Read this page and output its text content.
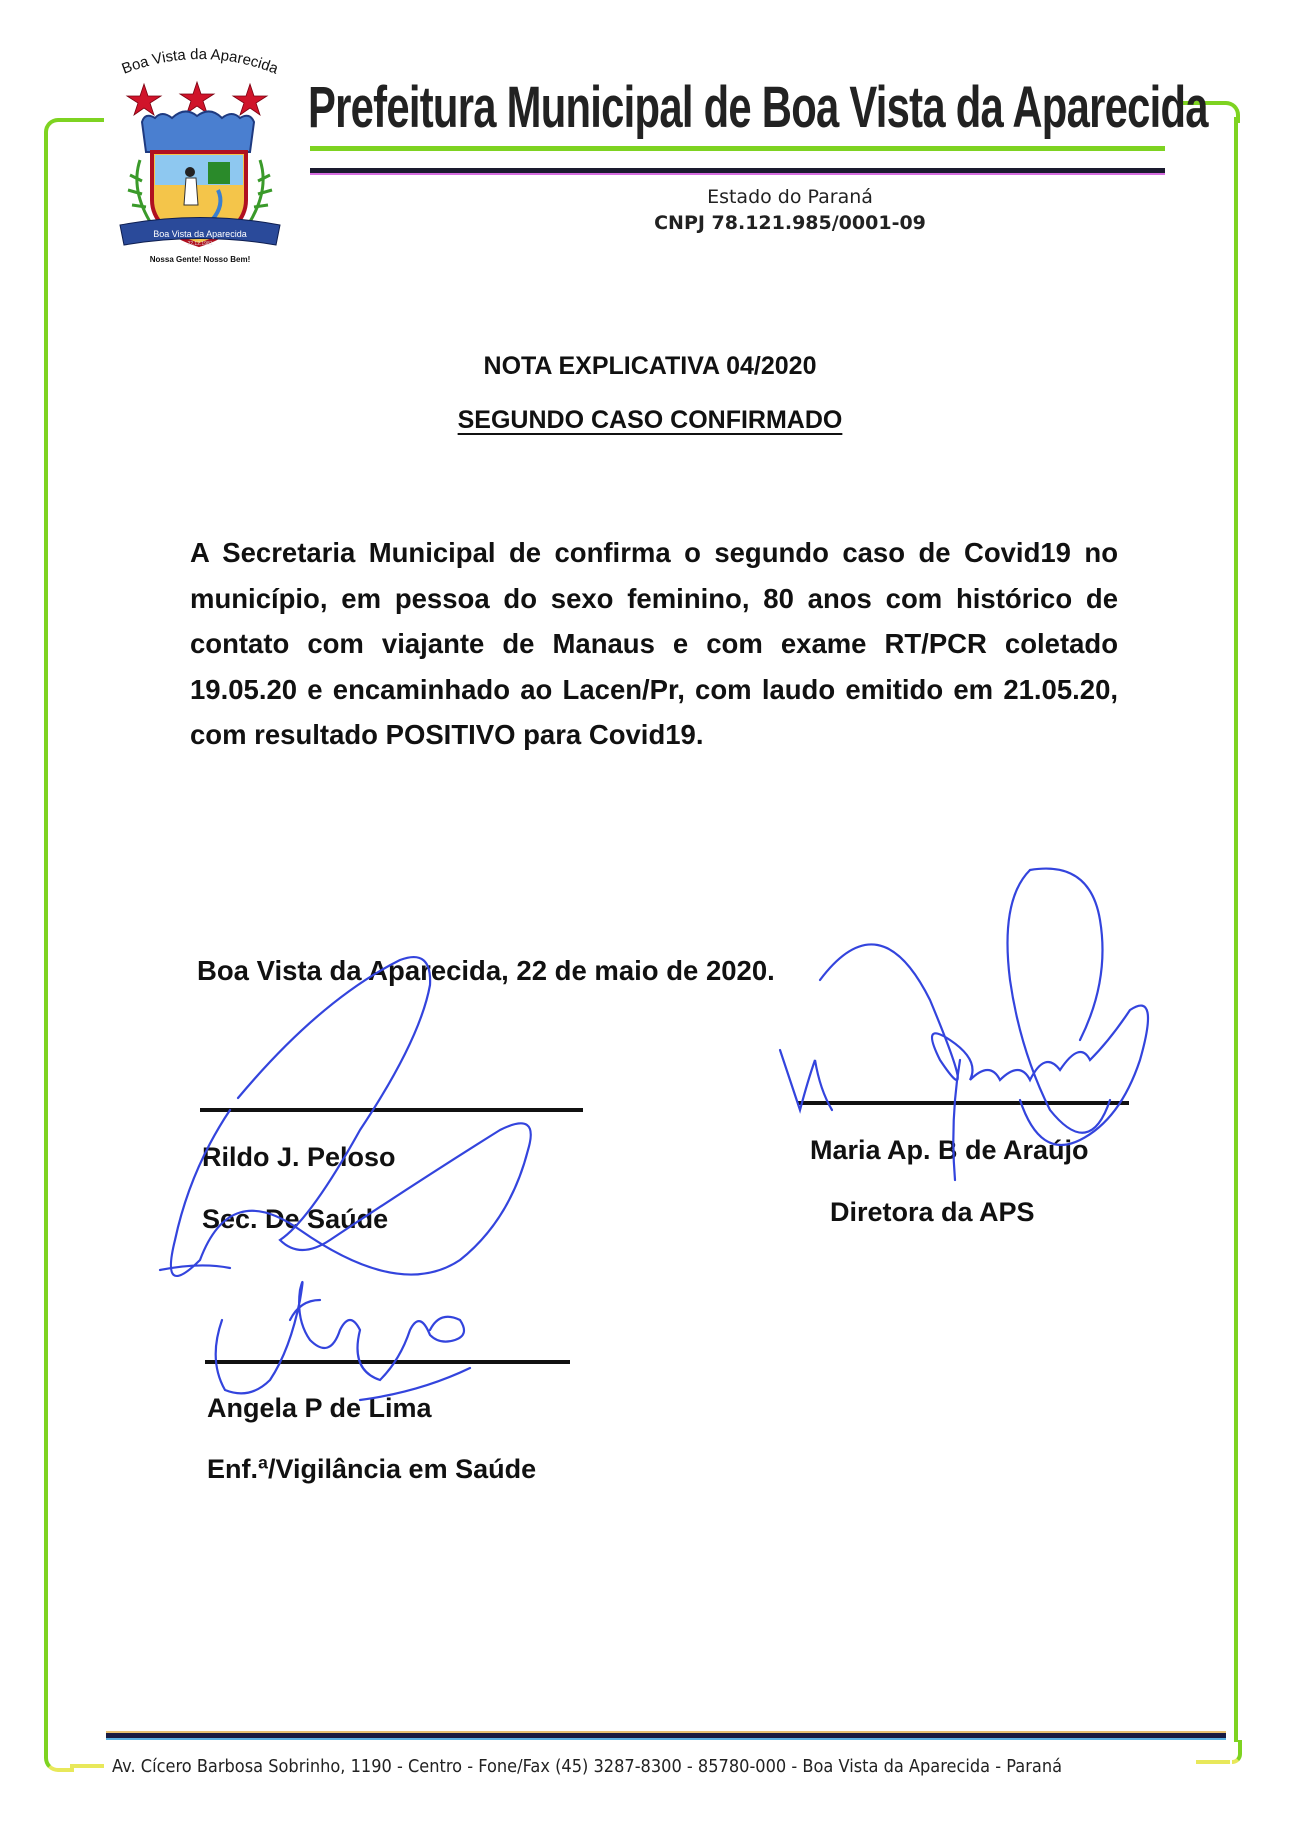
Boa Vista da Aparecida
Boa Vista da Aparecida
22.12.1981
Nossa Gente! Nosso Bem!
Prefeitura Municipal de Boa Vista da Aparecida
Estado do Paraná
CNPJ 78.121.985/0001-09
NOTA EXPLICATIVA 04/2020
SEGUNDO CASO CONFIRMADO
A Secretaria Municipal de confirma o segundo caso de Covid19 no município, em pessoa do sexo feminino, 80 anos com histórico de contato com viajante de Manaus e com exame RT/PCR coletado 19.05.20 e encaminhado ao Lacen/Pr, com laudo emitido em 21.05.20, com resultado POSITIVO para Covid19.
Boa Vista da Aparecida, 22 de maio de 2020.
Rildo J. Peloso
Sec. De Saúde
Maria Ap. B de Araújo
Diretora da APS
Angela P de Lima
Enf.ª/Vigilância em Saúde
Av. Cícero Barbosa Sobrinho, 1190 - Centro - Fone/Fax (45) 3287-8300 - 85780-000 - Boa Vista da Aparecida - Paraná
